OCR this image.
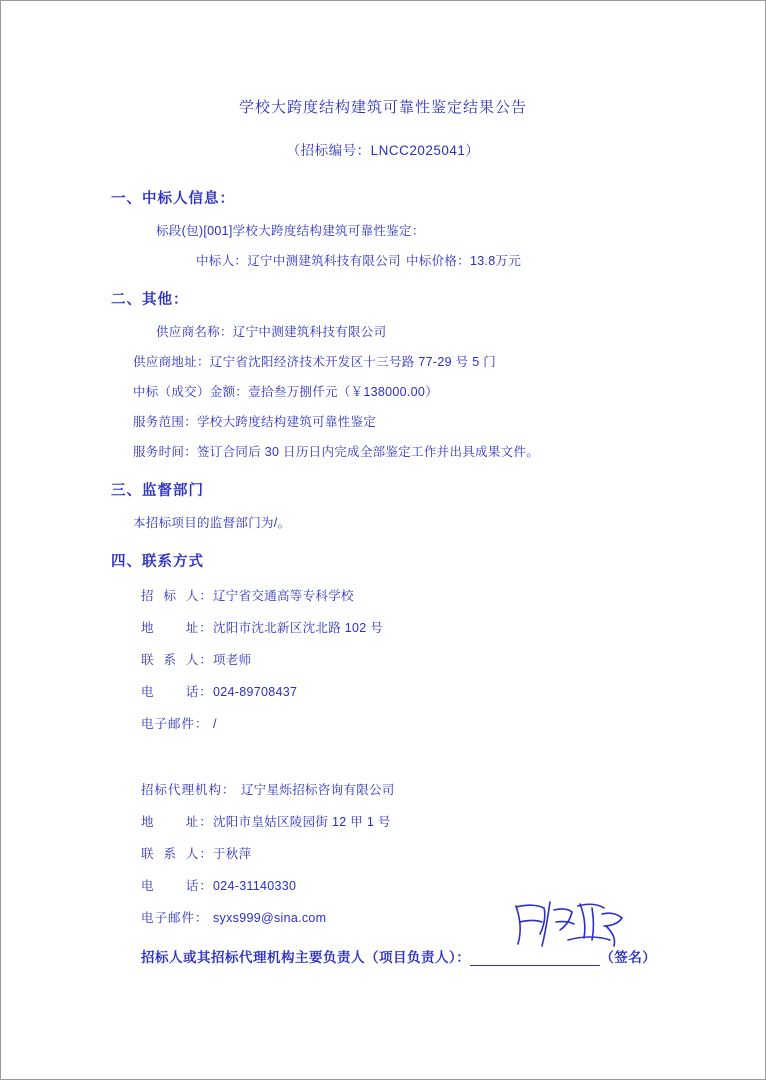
学校大跨度结构建筑可靠性鉴定结果公告
（招标编号：LNCC2025041）
一、中标人信息：
标段(包)[001]学校大跨度结构建筑可靠性鉴定：
中标人：辽宁中测建筑科技有限公司 中标价格：13.8万元
二、其他：
供应商名称：辽宁中测建筑科技有限公司
供应商地址：辽宁省沈阳经济技术开发区十三号路 77-29 号 5 门
中标（成交）金额：壹拾叁万捌仟元（￥138000.00）
服务范围：学校大跨度结构建筑可靠性鉴定
服务时间：签订合同后 30 日历日内完成全部鉴定工作并出具成果文件。
三、监督部门
本招标项目的监督部门为/。
四、联系方式
招  标  人： 辽宁省交通高等专科学校
地       址： 沈阳市沈北新区沈北路 102 号
联  系  人： 项老师
电       话： 024-89708437
电子邮件： /
招标代理机构： 辽宁星烁招标咨询有限公司
地       址： 沈阳市皇姑区陵园街 12 甲 1 号
联  系  人： 于秋萍
电       话： 024-31140330
电子邮件： syxs999@sina.com
招标人或其招标代理机构主要负责人（项目负责人）：	（签名）
